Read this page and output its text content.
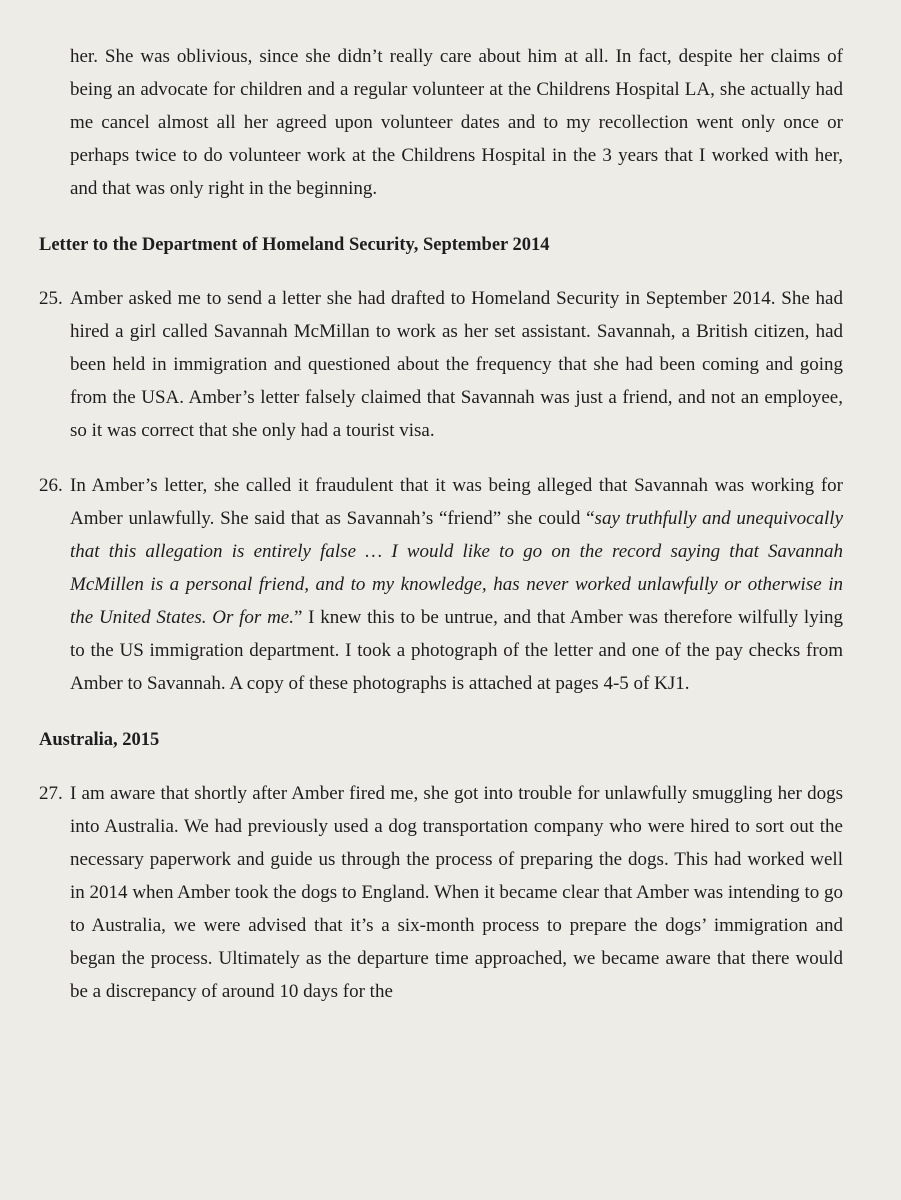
her. She was oblivious, since she didn’t really care about him at all. In fact, despite her claims of being an advocate for children and a regular volunteer at the Childrens Hospital LA, she actually had me cancel almost all her agreed upon volunteer dates and to my recollection went only once or perhaps twice to do volunteer work at the Childrens Hospital in the 3 years that I worked with her, and that was only right in the beginning.

Letter to the Department of Homeland Security, September 2014
25. Amber asked me to send a letter she had drafted to Homeland Security in September 2014. She had hired a girl called Savannah McMillan to work as her set assistant. Savannah, a British citizen, had been held in immigration and questioned about the frequency that she had been coming and going from the USA. Amber’s letter falsely claimed that Savannah was just a friend, and not an employee, so it was correct that she only had a tourist visa.
26. In Amber’s letter, she called it fraudulent that it was being alleged that Savannah was working for Amber unlawfully. She said that as Savannah’s “friend” she could “say truthfully and unequivocally that this allegation is entirely false … I would like to go on the record saying that Savannah McMillen is a personal friend, and to my knowledge, has never worked unlawfully or otherwise in the United States. Or for me.” I knew this to be untrue, and that Amber was therefore wilfully lying to the US immigration department. I took a photograph of the letter and one of the pay checks from Amber to Savannah. A copy of these photographs is attached at pages 4-5 of KJ1.
Australia, 2015
27. I am aware that shortly after Amber fired me, she got into trouble for unlawfully smuggling her dogs into Australia. We had previously used a dog transportation company who were hired to sort out the necessary paperwork and guide us through the process of preparing the dogs. This had worked well in 2014 when Amber took the dogs to England. When it became clear that Amber was intending to go to Australia, we were advised that it’s a six-month process to prepare the dogs’ immigration and began the process. Ultimately as the departure time approached, we became aware that there would be a discrepancy of around 10 days for the
